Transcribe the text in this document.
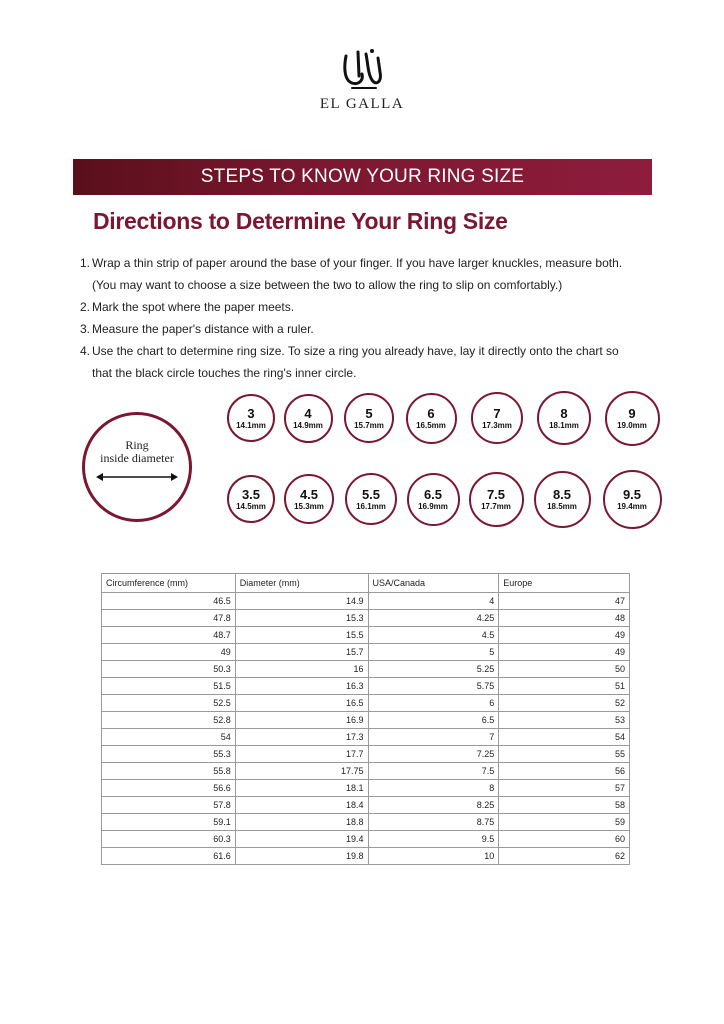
EL GALLA
STEPS TO KNOW YOUR RING SIZE
Directions to Determine Your Ring Size
1. Wrap a thin strip of paper around the base of your finger. If you have larger knuckles, measure both.
(You may want to choose a size between the two to allow the ring to slip on comfortably.)
2. Mark the spot where the paper meets.
3. Measure the paper's distance with a ruler.
4. Use the chart to determine ring size. To size a ring you already have, lay it directly onto the chart so
that the black circle touches the ring's inner circle.
Ring
inside diameter
3
14.1mm
4
14.9mm
5
15.7mm
6
16.5mm
7
17.3mm
8
18.1mm
9
19.0mm
3.5
14.5mm
4.5
15.3mm
5.5
16.1mm
6.5
16.9mm
7.5
17.7mm
8.5
18.5mm
9.5
19.4mm
Circumference (mm)	Diameter (mm)	USA/Canada	Europe
46.5	14.9	4	47
47.8	15.3	4.25	48
48.7	15.5	4.5	49
49	15.7	5	49
50.3	16	5.25	50
51.5	16.3	5.75	51
52.5	16.5	6	52
52.8	16.9	6.5	53
54	17.3	7	54
55.3	17.7	7.25	55
55.8	17.75	7.5	56
56.6	18.1	8	57
57.8	18.4	8.25	58
59.1	18.8	8.75	59
60.3	19.4	9.5	60
61.6	19.8	10	62
